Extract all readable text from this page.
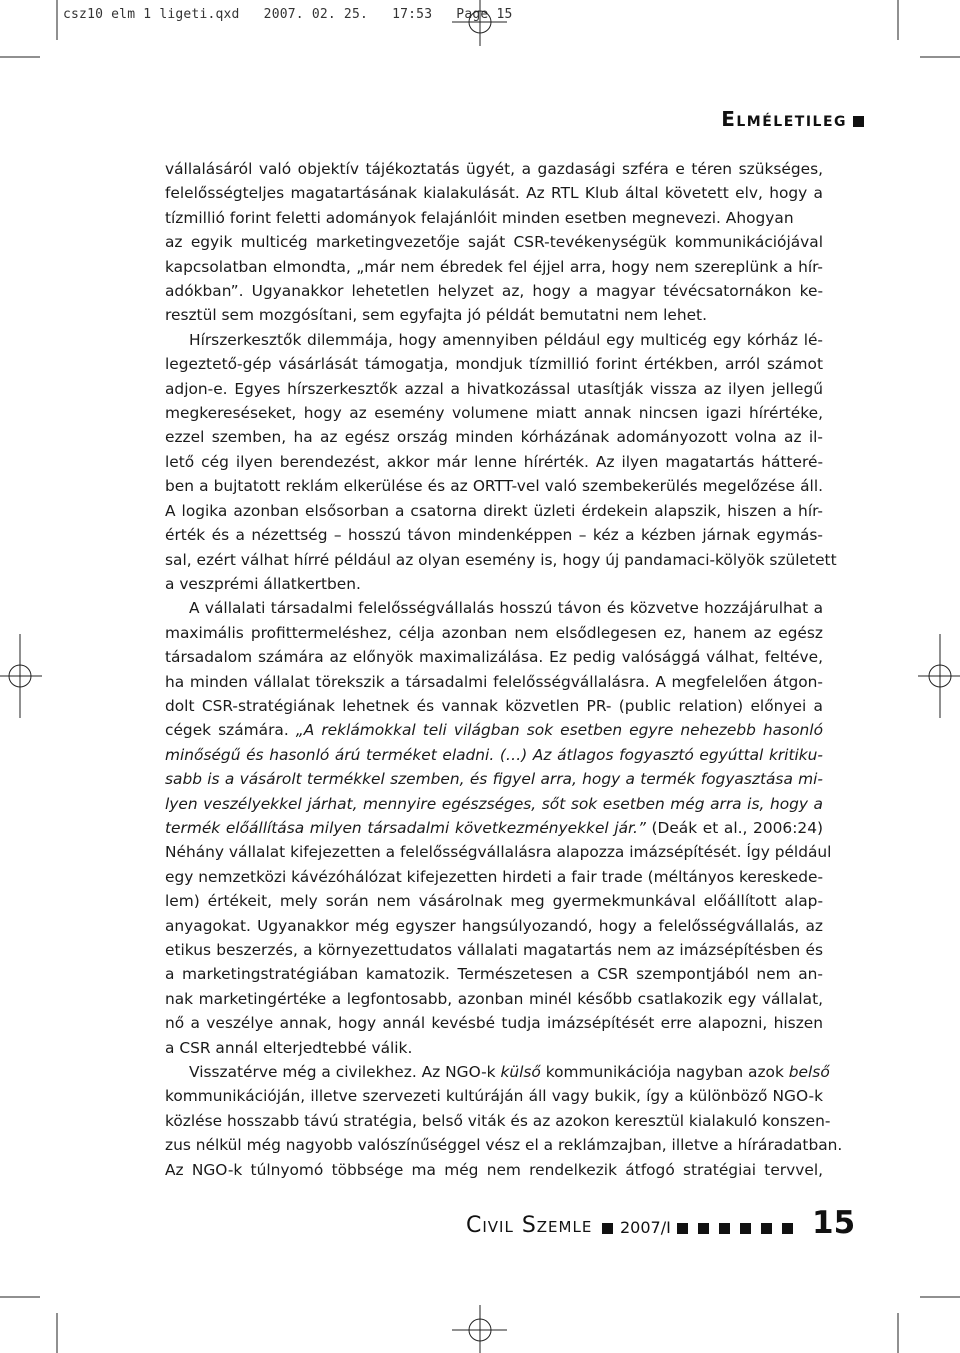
csz10 elm 1 ligeti.qxd   2007. 02. 25.   17:53   Page 15
Elméletileg
vállalásáról való objektív tájékoztatás ügyét, a gazdasági szféra e téren szükséges,
felelősségteljes magatartásának kialakulását. Az RTL Klub által követett elv, hogy a
tízmillió forint feletti adományok felajánlóit minden esetben megnevezi. Ahogyan
az egyik multicég marketingvezetője saját CSR-tevékenységük kommunikációjával
kapcsolatban elmondta, „már nem ébredek fel éjjel arra, hogy nem szereplünk a hír-
adókban”. Ugyanakkor lehetetlen helyzet az, hogy a magyar tévécsatornákon ke-
resztül sem mozgósítani, sem egyfajta jó példát bemutatni nem lehet.
Hírszerkesztők dilemmája, hogy amennyiben például egy multicég egy kórház lé-
legeztető-gép vásárlását támogatja, mondjuk tízmillió forint értékben, arról számot
adjon-e. Egyes hírszerkesztők azzal a hivatkozással utasítják vissza az ilyen jellegű
megkereséseket, hogy az esemény volumene miatt annak nincsen igazi hírértéke,
ezzel szemben, ha az egész ország minden kórházának adományozott volna az il-
lető cég ilyen berendezést, akkor már lenne hírérték. Az ilyen magatartás hátteré-
ben a bujtatott reklám elkerülése és az ORTT-vel való szembekerülés megelőzése áll.
A logika azonban elsősorban a csatorna direkt üzleti érdekein alapszik, hiszen a hír-
érték és a nézettség – hosszú távon mindenképpen – kéz a kézben járnak egymás-
sal, ezért válhat hírré például az olyan esemény is, hogy új pandamaci-kölyök született
a veszprémi állatkertben.
A vállalati társadalmi felelősségvállalás hosszú távon és közvetve hozzájárulhat a
maximális profittermeléshez, célja azonban nem elsődlegesen ez, hanem az egész
társadalom számára az előnyök maximalizálása. Ez pedig valósággá válhat, feltéve,
ha minden vállalat törekszik a társadalmi felelősségvállalásra. A megfelelően átgon-
dolt CSR-stratégiának lehetnek és vannak közvetlen PR- (public relation) előnyei a
cégek számára. „A reklámokkal teli világban sok esetben egyre nehezebb hasonló
minőségű és hasonló árú terméket eladni. (…) Az átlagos fogyasztó egyúttal kritiku-
sabb is a vásárolt termékkel szemben, és figyel arra, hogy a termék fogyasztása mi-
lyen veszélyekkel járhat, mennyire egészséges, sőt sok esetben még arra is, hogy a
termék előállítása milyen társadalmi következményekkel jár.” (Deák et al., 2006:24)
Néhány vállalat kifejezetten a felelősségvállalásra alapozza imázsépítését. Így például
egy nemzetközi kávézóhálózat kifejezetten hirdeti a fair trade (méltányos kereskede-
lem) értékeit, mely során nem vásárolnak meg gyermekmunkával előállított alap-
anyagokat. Ugyanakkor még egyszer hangsúlyozandó, hogy a felelősségvállalás, az
etikus beszerzés, a környezettudatos vállalati magatartás nem az imázsépítésben és
a marketingstratégiában kamatozik. Természetesen a CSR szempontjából nem an-
nak marketingértéke a legfontosabb, azonban minél később csatlakozik egy vállalat,
nő a veszélye annak, hogy annál kevésbé tudja imázsépítését erre alapozni, hiszen
a CSR annál elterjedtebbé válik.
Visszatérve még a civilekhez. Az NGO-k külső kommunikációja nagyban azok belső
kommunikációján, illetve szervezeti kultúráján áll vagy bukik, így a különböző NGO-k
közlése hosszabb távú stratégia, belső viták és az azokon keresztül kialakuló konszen-
zus nélkül még nagyobb valószínűséggel vész el a reklámzajban, illetve a híráradatban.
Az NGO-k túlnyomó többsége ma még nem rendelkezik átfogó stratégiai tervvel,
Civil Szemle 2007/I	15
